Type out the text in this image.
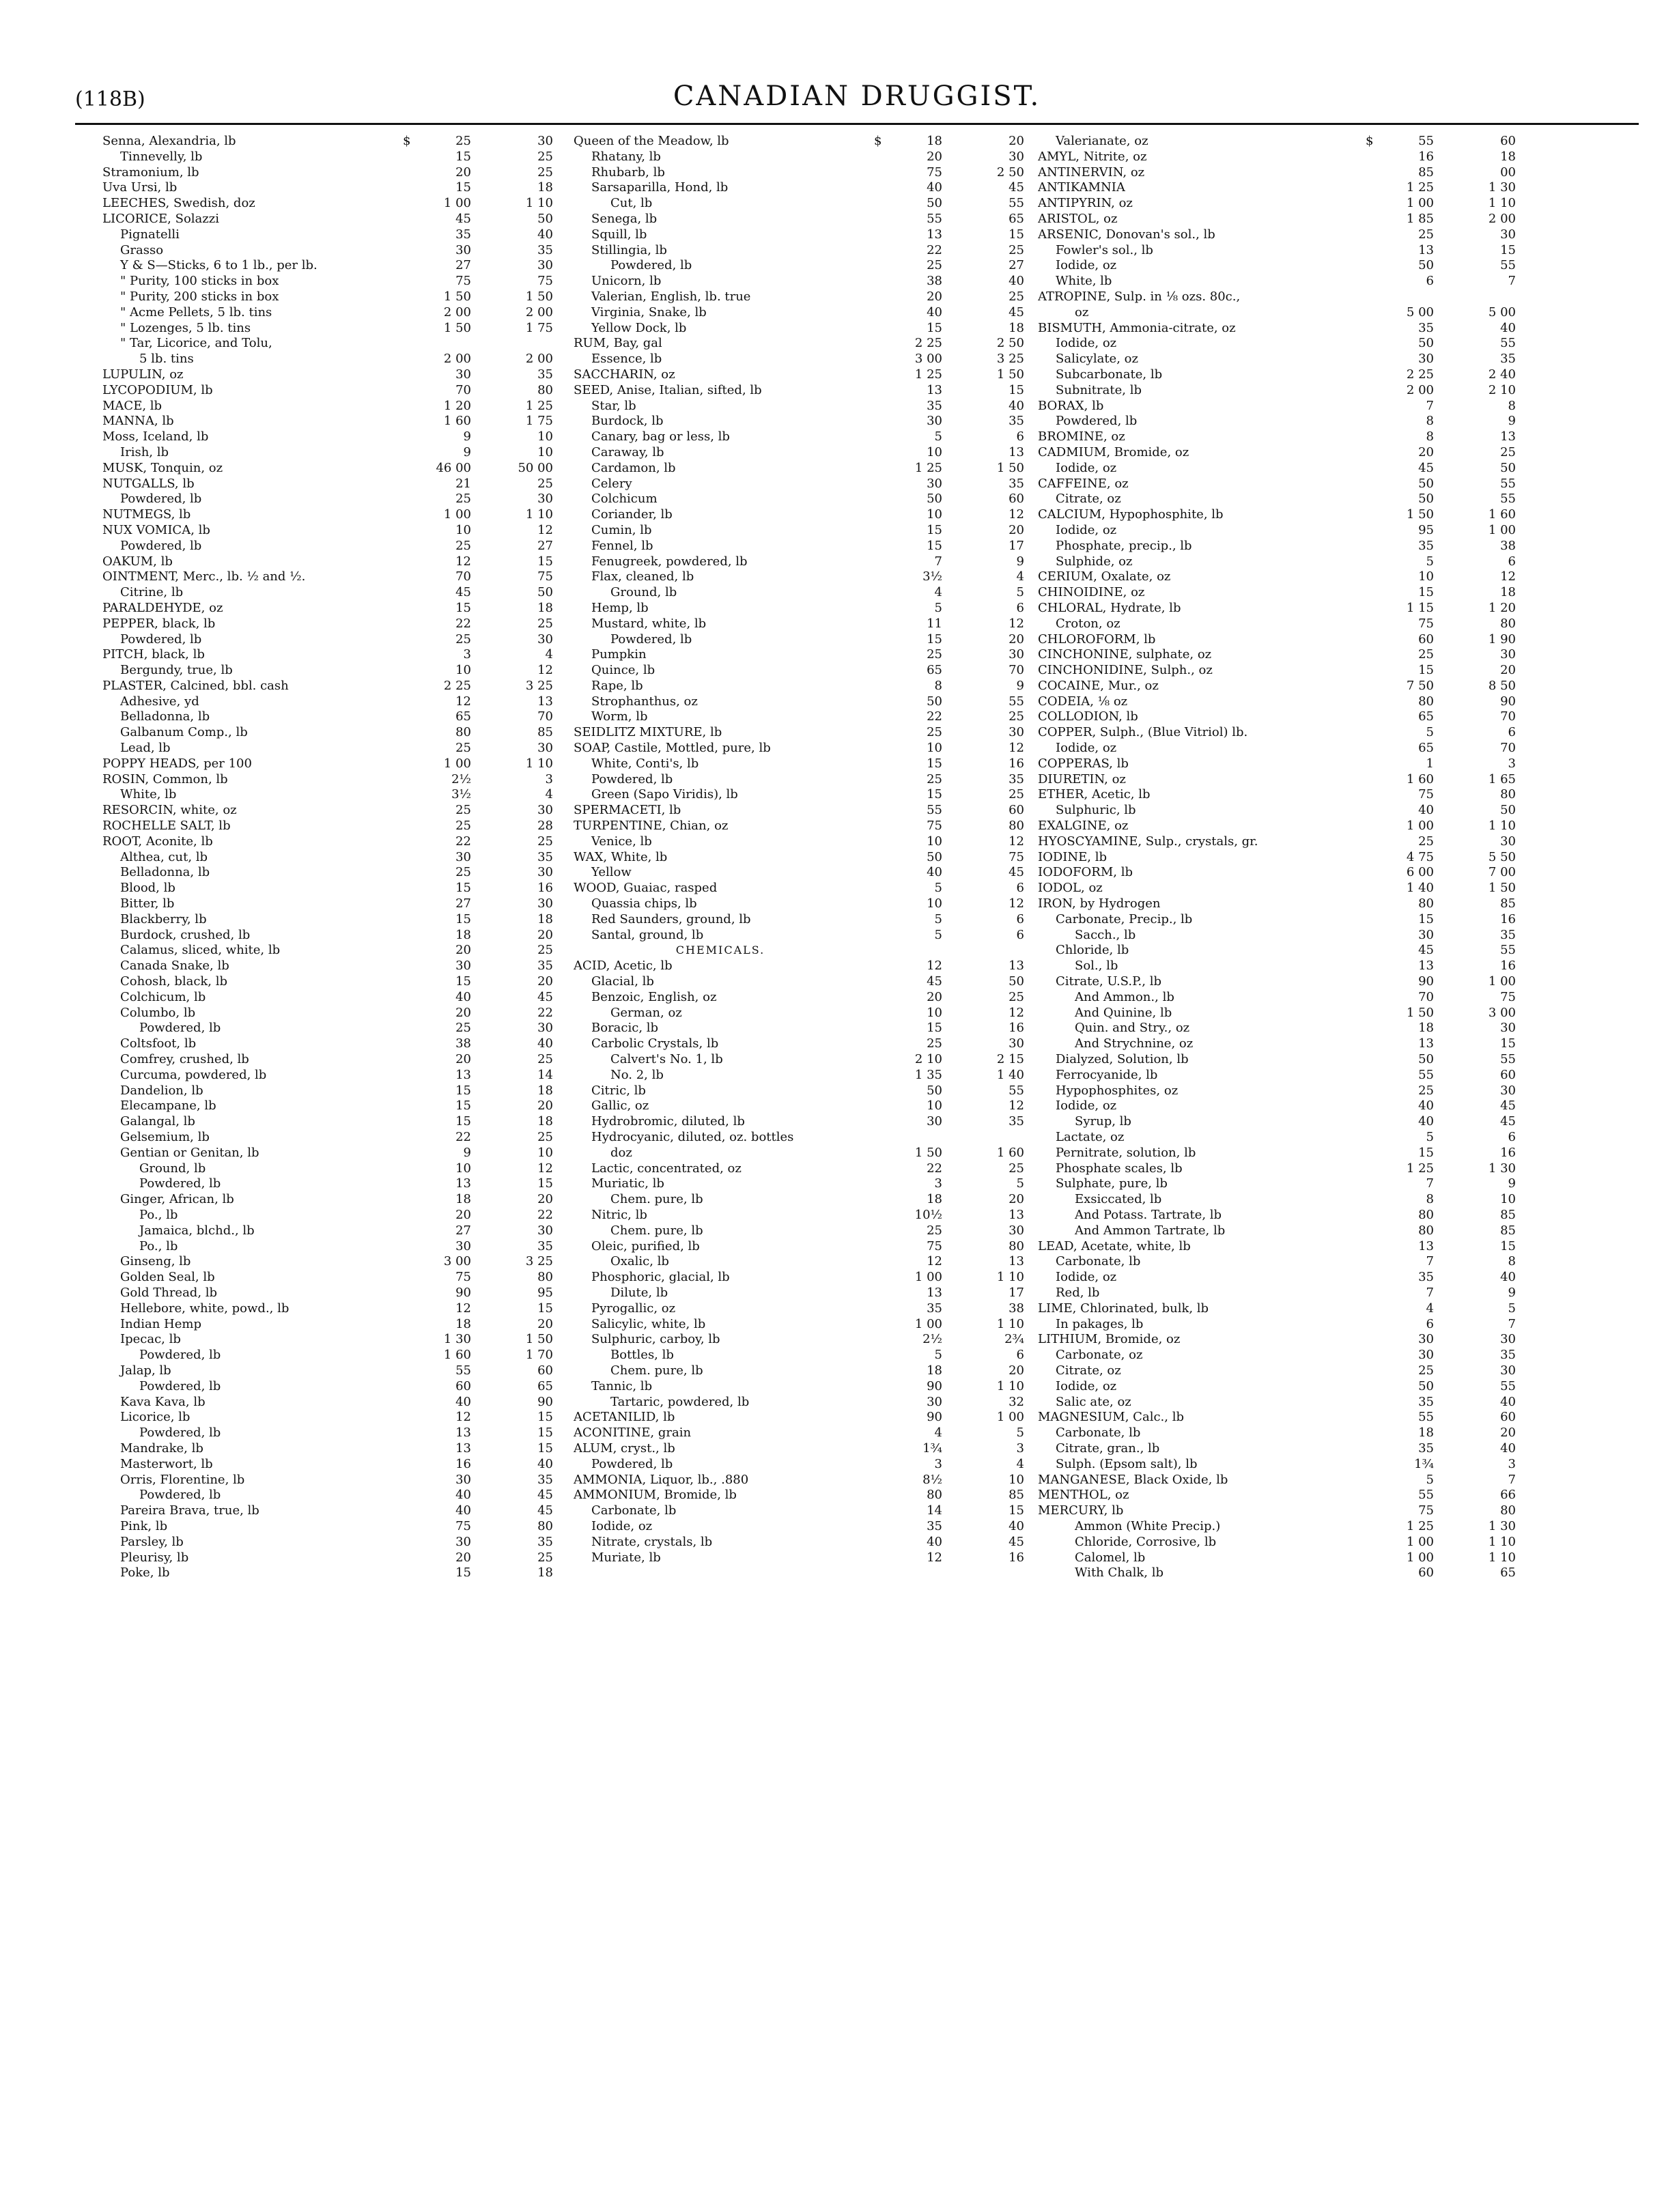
(118B)	CANADIAN DRUGGIST.
Senna, Alexandria, lb	$	25	30
Tinnevelly, lb	15	25
Stramonium, lb	20	25
Uva Ursi, lb	15	18
LEECHES, Swedish, doz	1 00	1 10
LICORICE, Solazzi	45	50
Pignatelli	35	40
Grasso	30	35
Y & S—Sticks, 6 to 1 lb., per lb.	27	30
" Purity, 100 sticks in box	75	75
" Purity, 200 sticks in box	1 50	1 50
" Acme Pellets, 5 lb. tins	2 00	2 00
" Lozenges, 5 lb. tins	1 50	1 75
" Tar, Licorice, and Tolu,
5 lb. tins	2 00	2 00
LUPULIN, oz	30	35
LYCOPODIUM, lb	70	80
MACE, lb	1 20	1 25
MANNA, lb	1 60	1 75
Moss, Iceland, lb	9	10
Irish, lb	9	10
MUSK, Tonquin, oz	46 00	50 00
NUTGALLS, lb	21	25
Powdered, lb	25	30
NUTMEGS, lb	1 00	1 10
NUX VOMICA, lb	10	12
Powdered, lb	25	27
OAKUM, lb	12	15
OINTMENT, Merc., lb. ½ and ½.	70	75
Citrine, lb	45	50
PARALDEHYDE, oz	15	18
PEPPER, black, lb	22	25
Powdered, lb	25	30
PITCH, black, lb	3	4
Bergundy, true, lb	10	12
PLASTER, Calcined, bbl. cash	2 25	3 25
Adhesive, yd	12	13
Belladonna, lb	65	70
Galbanum Comp., lb	80	85
Lead, lb	25	30
POPPY HEADS, per 100	1 00	1 10
ROSIN, Common, lb	2½	3
White, lb	3½	4
RESORCIN, white, oz	25	30
ROCHELLE SALT, lb	25	28
ROOT, Aconite, lb	22	25
Althea, cut, lb	30	35
Belladonna, lb	25	30
Blood, lb	15	16
Bitter, lb	27	30
Blackberry, lb	15	18
Burdock, crushed, lb	18	20
Calamus, sliced, white, lb	20	25
Canada Snake, lb	30	35
Cohosh, black, lb	15	20
Colchicum, lb	40	45
Columbo, lb	20	22
Powdered, lb	25	30
Coltsfoot, lb	38	40
Comfrey, crushed, lb	20	25
Curcuma, powdered, lb	13	14
Dandelion, lb	15	18
Elecampane, lb	15	20
Galangal, lb	15	18
Gelsemium, lb	22	25
Gentian or Genitan, lb	9	10
Ground, lb	10	12
Powdered, lb	13	15
Ginger, African, lb	18	20
Po., lb	20	22
Jamaica, blchd., lb	27	30
Po., lb	30	35
Ginseng, lb	3 00	3 25
Golden Seal, lb	75	80
Gold Thread, lb	90	95
Hellebore, white, powd., lb	12	15
Indian Hemp	18	20
Ipecac, lb	1 30	1 50
Powdered, lb	1 60	1 70
Jalap, lb	55	60
Powdered, lb	60	65
Kava Kava, lb	40	90
Licorice, lb	12	15
Powdered, lb	13	15
Mandrake, lb	13	15
Masterwort, lb	16	40
Orris, Florentine, lb	30	35
Powdered, lb	40	45
Pareira Brava, true, lb	40	45
Pink, lb	75	80
Parsley, lb	30	35
Pleurisy, lb	20	25
Poke, lb	15	18
Queen of the Meadow, lb	$	18	20
Rhatany, lb	20	30
Rhubarb, lb	75	2 50
Sarsaparilla, Hond, lb	40	45
Cut, lb	50	55
Senega, lb	55	65
Squill, lb	13	15
Stillingia, lb	22	25
Powdered, lb	25	27
Unicorn, lb	38	40
Valerian, English, lb. true	20	25
Virginia, Snake, lb	40	45
Yellow Dock, lb	15	18
RUM, Bay, gal	2 25	2 50
Essence, lb	3 00	3 25
SACCHARIN, oz	1 25	1 50
SEED, Anise, Italian, sifted, lb	13	15
Star, lb	35	40
Burdock, lb	30	35
Canary, bag or less, lb	5	6
Caraway, lb	10	13
Cardamon, lb	1 25	1 50
Celery	30	35
Colchicum	50	60
Coriander, lb	10	12
Cumin, lb	15	20
Fennel, lb	15	17
Fenugreek, powdered, lb	7	9
Flax, cleaned, lb	3½	4
Ground, lb	4	5
Hemp, lb	5	6
Mustard, white, lb	11	12
Powdered, lb	15	20
Pumpkin	25	30
Quince, lb	65	70
Rape, lb	8	9
Strophanthus, oz	50	55
Worm, lb	22	25
SEIDLITZ MIXTURE, lb	25	30
SOAP, Castile, Mottled, pure, lb	10	12
White, Conti's, lb	15	16
Powdered, lb	25	35
Green (Sapo Viridis), lb	15	25
SPERMACETI, lb	55	60
TURPENTINE, Chian, oz	75	80
Venice, lb	10	12
WAX, White, lb	50	75
Yellow	40	45
WOOD, Guaiac, rasped	5	6
Quassia chips, lb	10	12
Red Saunders, ground, lb	5	6
Santal, ground, lb	5	6
CHEMICALS.
ACID, Acetic, lb	12	13
Glacial, lb	45	50
Benzoic, English, oz	20	25
German, oz	10	12
Boracic, lb	15	16
Carbolic Crystals, lb	25	30
Calvert's No. 1, lb	2 10	2 15
No. 2, lb	1 35	1 40
Citric, lb	50	55
Gallic, oz	10	12
Hydrobromic, diluted, lb	30	35
Hydrocyanic, diluted, oz. bottles
doz	1 50	1 60
Lactic, concentrated, oz	22	25
Muriatic, lb	3	5
Chem. pure, lb	18	20
Nitric, lb	10½	13
Chem. pure, lb	25	30
Oleic, purified, lb	75	80
Oxalic, lb	12	13
Phosphoric, glacial, lb	1 00	1 10
Dilute, lb	13	17
Pyrogallic, oz	35	38
Salicylic, white, lb	1 00	1 10
Sulphuric, carboy, lb	2½	2¾
Bottles, lb	5	6
Chem. pure, lb	18	20
Tannic, lb	90	1 10
Tartaric, powdered, lb	30	32
ACETANILID, lb	90	1 00
ACONITINE, grain	4	5
ALUM, cryst., lb	1¾	3
Powdered, lb	3	4
AMMONIA, Liquor, lb., .880	8½	10
AMMONIUM, Bromide, lb	80	85
Carbonate, lb	14	15
Iodide, oz	35	40
Nitrate, crystals, lb	40	45
Muriate, lb	12	16
Valerianate, oz	$	55	60
AMYL, Nitrite, oz	16	18
ANTINERVIN, oz	85	00
ANTIKAMNIA	1 25	1 30
ANTIPYRIN, oz	1 00	1 10
ARISTOL, oz	1 85	2 00
ARSENIC, Donovan's sol., lb	25	30
Fowler's sol., lb	13	15
Iodide, oz	50	55
White, lb	6	7
ATROPINE, Sulp. in ⅛ ozs. 80c.,
oz	5 00	5 00
BISMUTH, Ammonia-citrate, oz	35	40
Iodide, oz	50	55
Salicylate, oz	30	35
Subcarbonate, lb	2 25	2 40
Subnitrate, lb	2 00	2 10
BORAX, lb	7	8
Powdered, lb	8	9
BROMINE, oz	8	13
CADMIUM, Bromide, oz	20	25
Iodide, oz	45	50
CAFFEINE, oz	50	55
Citrate, oz	50	55
CALCIUM, Hypophosphite, lb	1 50	1 60
Iodide, oz	95	1 00
Phosphate, precip., lb	35	38
Sulphide, oz	5	6
CERIUM, Oxalate, oz	10	12
CHINOIDINE, oz	15	18
CHLORAL, Hydrate, lb	1 15	1 20
Croton, oz	75	80
CHLOROFORM, lb	60	1 90
CINCHONINE, sulphate, oz	25	30
CINCHONIDINE, Sulph., oz	15	20
COCAINE, Mur., oz	7 50	8 50
CODEIA, ⅛ oz	80	90
COLLODION, lb	65	70
COPPER, Sulph., (Blue Vitriol) lb.	5	6
Iodide, oz	65	70
COPPERAS, lb	1	3
DIURETIN, oz	1 60	1 65
ETHER, Acetic, lb	75	80
Sulphuric, lb	40	50
EXALGINE, oz	1 00	1 10
HYOSCYAMINE, Sulp., crystals, gr.	25	30
IODINE, lb	4 75	5 50
IODOFORM, lb	6 00	7 00
IODOL, oz	1 40	1 50
IRON, by Hydrogen	80	85
Carbonate, Precip., lb	15	16
Sacch., lb	30	35
Chloride, lb	45	55
Sol., lb	13	16
Citrate, U.S.P., lb	90	1 00
And Ammon., lb	70	75
And Quinine, lb	1 50	3 00
Quin. and Stry., oz	18	30
And Strychnine, oz	13	15
Dialyzed, Solution, lb	50	55
Ferrocyanide, lb	55	60
Hypophosphites, oz	25	30
Iodide, oz	40	45
Syrup, lb	40	45
Lactate, oz	5	6
Pernitrate, solution, lb	15	16
Phosphate scales, lb	1 25	1 30
Sulphate, pure, lb	7	9
Exsiccated, lb	8	10
And Potass. Tartrate, lb	80	85
And Ammon Tartrate, lb	80	85
LEAD, Acetate, white, lb	13	15
Carbonate, lb	7	8
Iodide, oz	35	40
Red, lb	7	9
LIME, Chlorinated, bulk, lb	4	5
In pakages, lb	6	7
LITHIUM, Bromide, oz	30	30
Carbonate, oz	30	35
Citrate, oz	25	30
Iodide, oz	50	55
Salic ate, oz	35	40
MAGNESIUM, Calc., lb	55	60
Carbonate, lb	18	20
Citrate, gran., lb	35	40
Sulph. (Epsom salt), lb	1¾	3
MANGANESE, Black Oxide, lb	5	7
MENTHOL, oz	55	66
MERCURY, lb	75	80
Ammon (White Precip.)	1 25	1 30
Chloride, Corrosive, lb	1 00	1 10
Calomel, lb	1 00	1 10
With Chalk, lb	60	65
